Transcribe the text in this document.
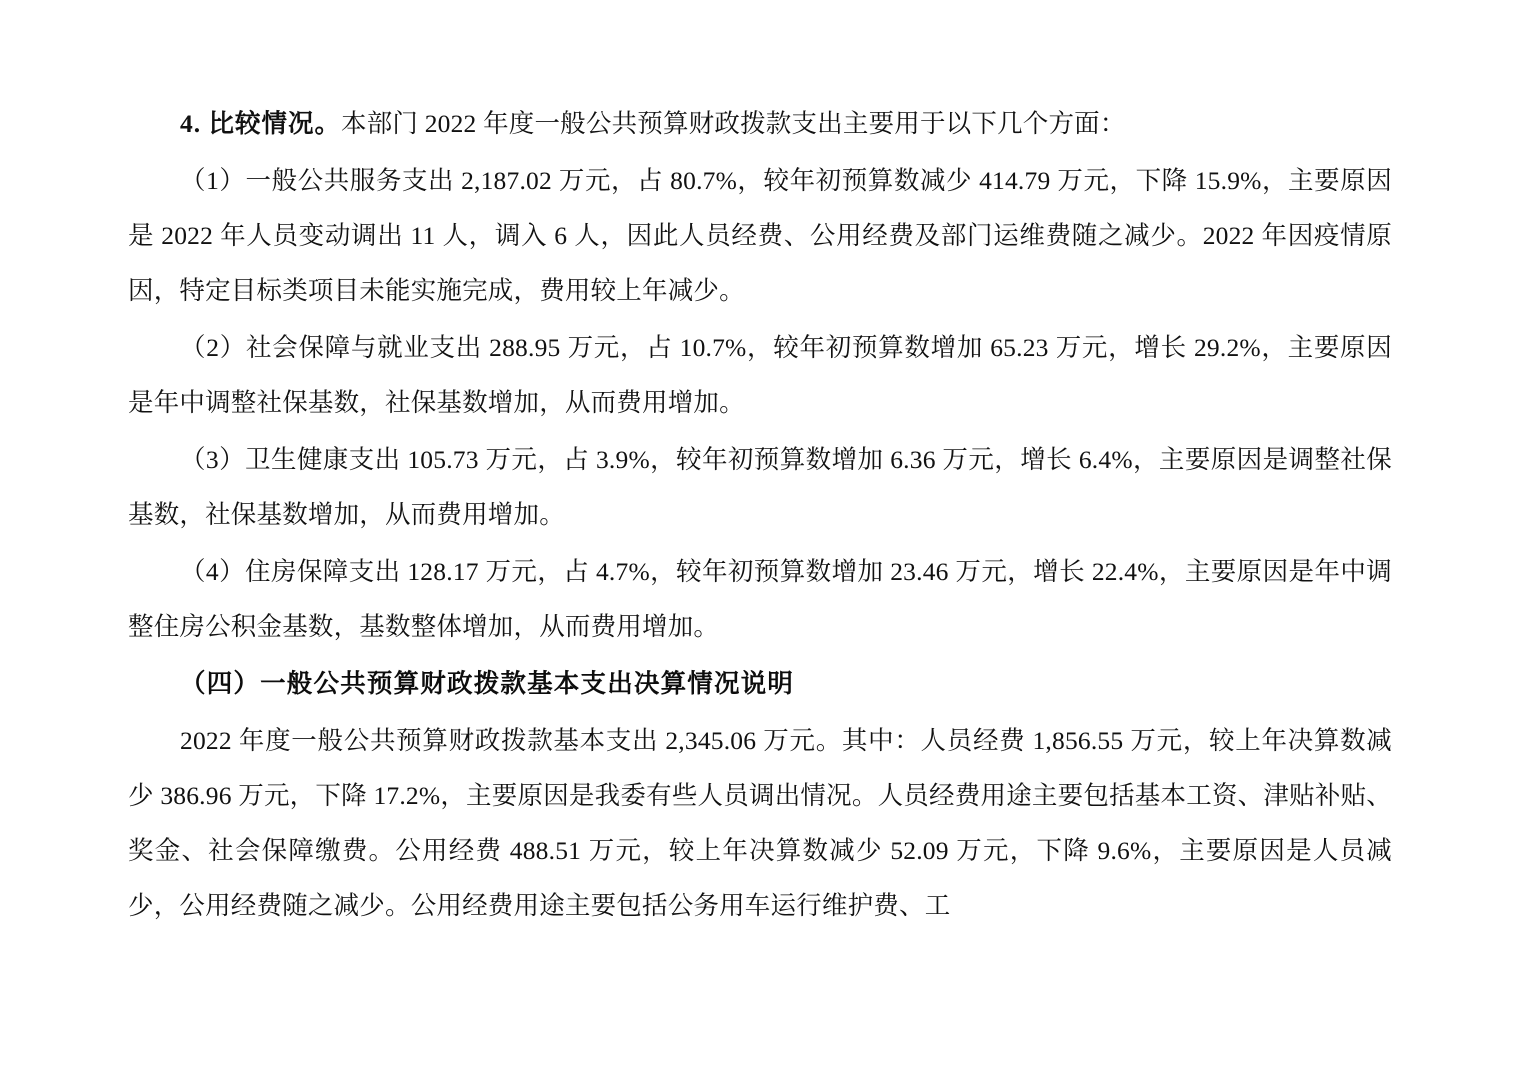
4. 比较情况。本部门 2022 年度一般公共预算财政拨款支出主要用于以下几个方面：

（1）一般公共服务支出 2,187.02 万元，占 80.7%，较年初预算数减少 414.79 万元，下降 15.9%，主要原因是 2022 年人员变动调出 11 人，调入 6 人，因此人员经费、公用经费及部门运维费随之减少。2022 年因疫情原因，特定目标类项目未能实施完成，费用较上年减少。

（2）社会保障与就业支出 288.95 万元，占 10.7%，较年初预算数增加 65.23 万元，增长 29.2%，主要原因是年中调整社保基数，社保基数增加，从而费用增加。

（3）卫生健康支出 105.73 万元，占 3.9%，较年初预算数增加 6.36 万元，增长 6.4%，主要原因是调整社保基数，社保基数增加，从而费用增加。

（4）住房保障支出 128.17 万元，占 4.7%，较年初预算数增加 23.46 万元，增长 22.4%，主要原因是年中调整住房公积金基数，基数整体增加，从而费用增加。

（四）一般公共预算财政拨款基本支出决算情况说明

2022 年度一般公共预算财政拨款基本支出 2,345.06 万元。其中：人员经费 1,856.55 万元，较上年决算数减少 386.96 万元，下降 17.2%，主要原因是我委有些人员调出情况。人员经费用途主要包括基本工资、津贴补贴、奖金、社会保障缴费。公用经费 488.51 万元，较上年决算数减少 52.09 万元，下降 9.6%，主要原因是人员减少，公用经费随之减少。公用经费用途主要包括公务用车运行维护费、工
